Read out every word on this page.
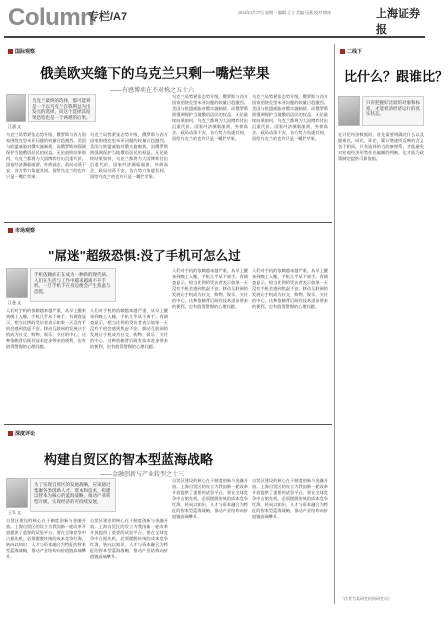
Column
专栏/A7	2014年3月17日 星期一 编辑 王立 美编 乐燕 校对 徐冰	上海证券报
国际观察
俄美欧夹缝下的乌克兰只剩一嘴烂苹果
——有感博奕在不对称之五十六
乌克兰最终的选择，都可能将是一个以乌克兰自我利益为出发点的选择，而这个选择其结果恐怕也是一个两难的后果。
江涌 文
乌克兰局势紧张态势升级，俄罗斯与西方国家围绕克里米亚问题的较量日趋激烈。美国与欧盟威胁对俄实施制裁，而俄罗斯则强调保护当地俄语居民的权益。无论最终结果如何，乌克兰都将为大国博弈付出沉重代价。国家经济濒临崩溃，外债高企，政局动荡不安，各方势力角逐其间，留给乌克兰的也许只是一嘴烂苹果。
乌克兰局势紧张态势升级，俄罗斯与西方国家围绕克里米亚问题的较量日趋激烈。美国与欧盟威胁对俄实施制裁，而俄罗斯则强调保护当地俄语居民的权益。无论最终结果如何，乌克兰都将为大国博弈付出沉重代价。国家经济濒临崩溃，外债高企，政局动荡不安，各方势力角逐其间，留给乌克兰的也许只是一嘴烂苹果。
乌克兰局势紧张态势升级，俄罗斯与西方国家围绕克里米亚问题的较量日趋激烈。美国与欧盟威胁对俄实施制裁，而俄罗斯则强调保护当地俄语居民的权益。无论最终结果如何，乌克兰都将为大国博弈付出沉重代价。国家经济濒临崩溃，外债高企，政局动荡不安，各方势力角逐其间，留给乌克兰的也许只是一嘴烂苹果。
乌克兰局势紧张态势升级，俄罗斯与西方国家围绕克里米亚问题的较量日趋激烈。美国与欧盟威胁对俄实施制裁，而俄罗斯则强调保护当地俄语居民的权益。无论最终结果如何，乌克兰都将为大国博弈付出沉重代价。国家经济濒临崩溃，外债高企，政局动荡不安，各方势力角逐其间，留给乌克兰的也许只是一嘴烂苹果。
二线下
比什么？跟谁比？
只有把握好比较的对象和标准，才能看清经济运行的真实状态。
在讨论经济数据时，首先需要明确比什么以及跟谁比。同比、环比、累计增速所反映的含义各不相同，只有选择恰当的参照系，才能避免对宏观经济形势作出偏颇的判断，也才能为政策制定提供可靠依据。
（作者为某研究机构研究员）
市场观察
"屌迷"超级恐惧:没了手机可怎么过
江曼 文
手机依赖症正在成为一种新的现代病。人们在生活与工作中越来越离不开手机，一旦手机不在身边便会产生焦虑与恐慌。
人们对手机的依赖越来越严重，从早上醒来到晚上入睡，手机几乎从不离手。有调查显示，相当比例的受访者表示如果一天没有手机会感到焦虑不安。移动互联网的发展让手机成为社交、购物、娱乐、支付的中心，这种依赖背后既有技术进步带来的便利，也有值得警惕的心理问题。
人们对手机的依赖越来越严重，从早上醒来到晚上入睡，手机几乎从不离手。有调查显示，相当比例的受访者表示如果一天没有手机会感到焦虑不安。移动互联网的发展让手机成为社交、购物、娱乐、支付的中心，这种依赖背后既有技术进步带来的便利，也有值得警惕的心理问题。
人们对手机的依赖越来越严重，从早上醒来到晚上入睡，手机几乎从不离手。有调查显示，相当比例的受访者表示如果一天没有手机会感到焦虑不安。移动互联网的发展让手机成为社交、购物、娱乐、支付的中心，这种依赖背后既有技术进步带来的便利，也有值得警惕的心理问题。
人们对手机的依赖越来越严重，从早上醒来到晚上入睡，手机几乎从不离手。有调查显示，相当比例的受访者表示如果一天没有手机会感到焦虑不安。移动互联网的发展让手机成为社交、购物、娱乐、支付的中心，这种依赖背后既有技术进步带来的便利，也有值得警惕的心理问题。
深度评论
构建自贸区的智本型蓝海战略
——金融创新与产业转型之十三
王军 文
为了实现自贸区的发展战略，应该通过集聚各类创新人才、资本和技术，构建以智本为核心的蓝海战略，推动产业转型升级，实现经济的可持续发展。
自贸区建设的核心在于制度创新与金融开放。上海自贸区的设立为我国新一轮改革开放提供了重要的试验平台。要在全球竞争中占据先机，必须摆脱传统的成本竞争红海，转向以知识、人才与资本融合为特征的智本型蓝海战略，推动产业结构向价值链高端攀升。
自贸区建设的核心在于制度创新与金融开放。上海自贸区的设立为我国新一轮改革开放提供了重要的试验平台。要在全球竞争中占据先机，必须摆脱传统的成本竞争红海，转向以知识、人才与资本融合为特征的智本型蓝海战略，推动产业结构向价值链高端攀升。
自贸区建设的核心在于制度创新与金融开放。上海自贸区的设立为我国新一轮改革开放提供了重要的试验平台。要在全球竞争中占据先机，必须摆脱传统的成本竞争红海，转向以知识、人才与资本融合为特征的智本型蓝海战略，推动产业结构向价值链高端攀升。
自贸区建设的核心在于制度创新与金融开放。上海自贸区的设立为我国新一轮改革开放提供了重要的试验平台。要在全球竞争中占据先机，必须摆脱传统的成本竞争红海，转向以知识、人才与资本融合为特征的智本型蓝海战略，推动产业结构向价值链高端攀升。
